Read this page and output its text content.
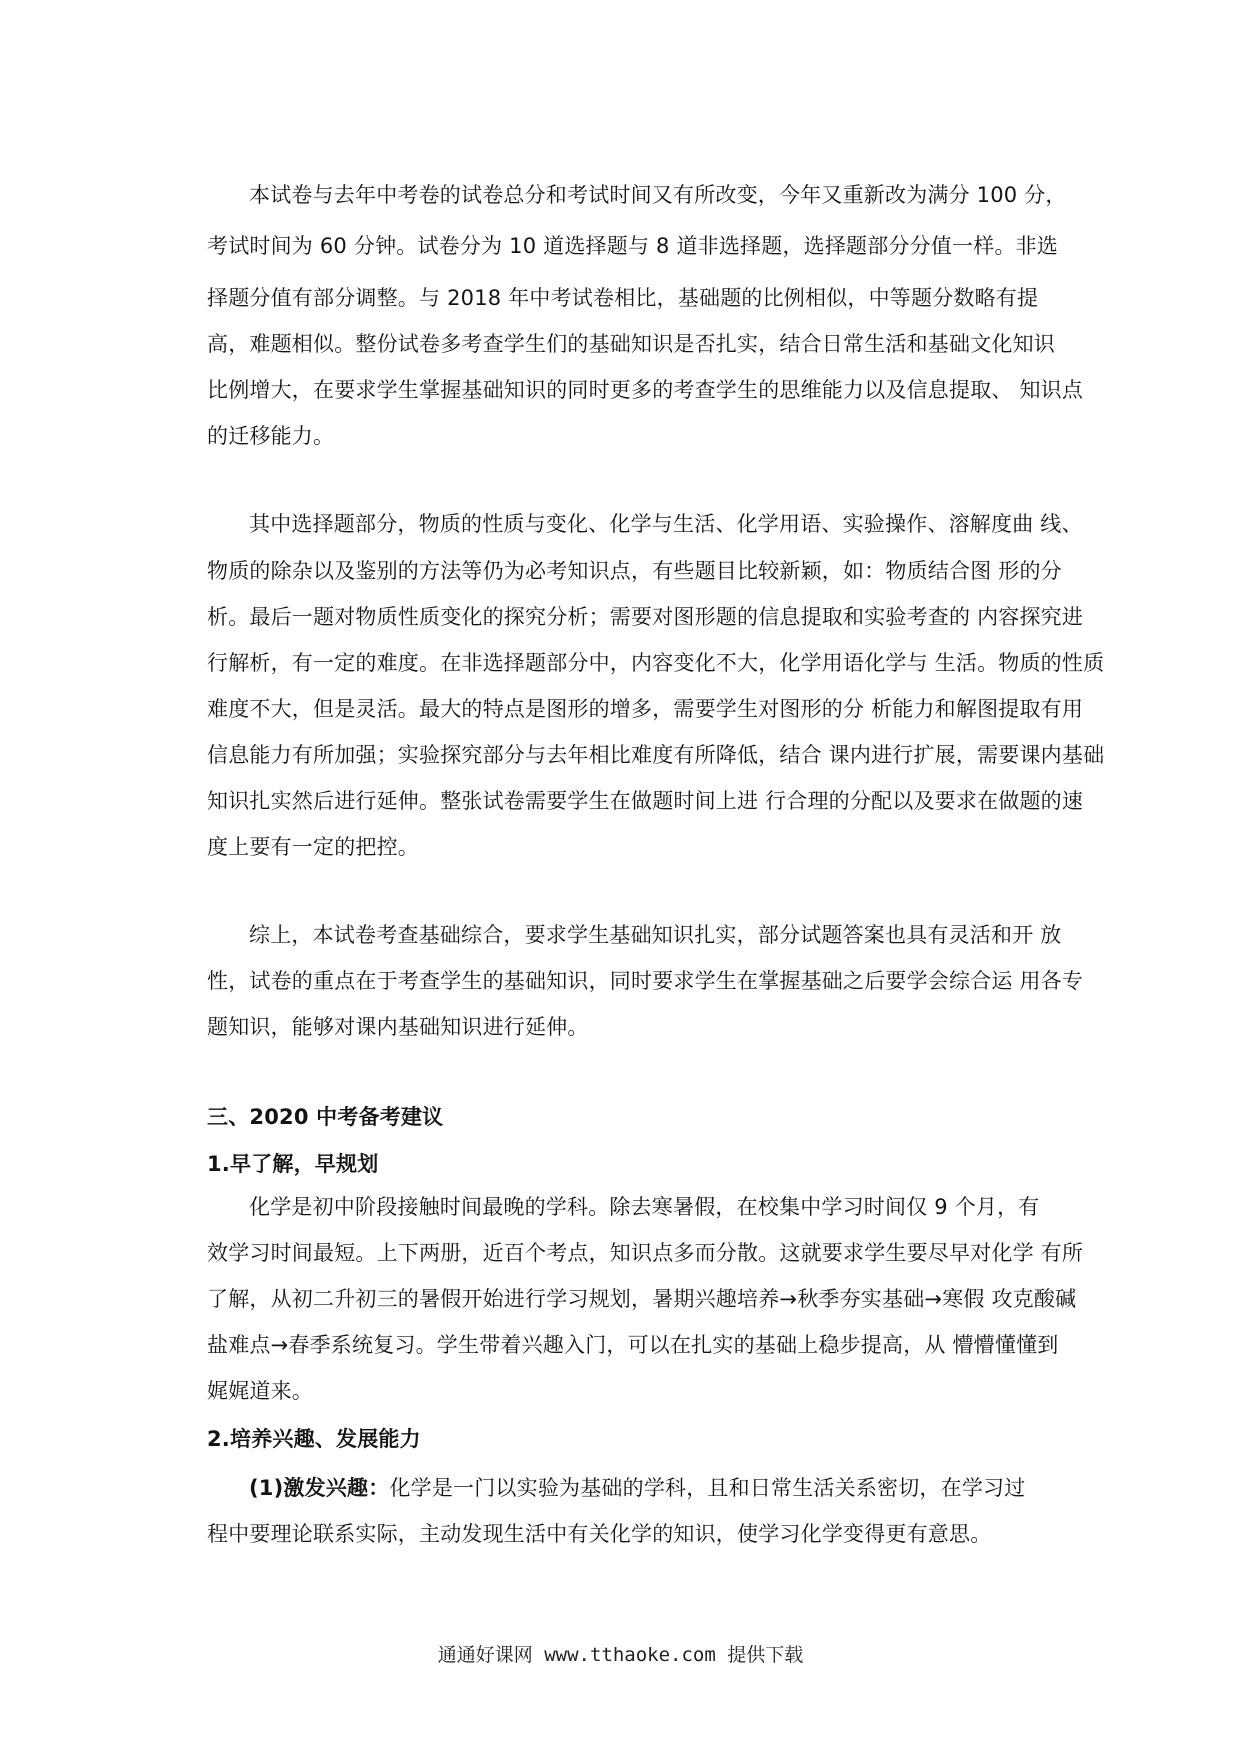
本试卷与去年中考卷的试卷总分和考试时间又有所改变，今年又重新改为满分 100 分，
考试时间为 60 分钟。试卷分为 10 道选择题与 8 道非选择题，选择题部分分值一样。非选
择题分值有部分调整。与 2018 年中考试卷相比，基础题的比例相似，中等题分数略有提
高，难题相似。整份试卷多考查学生们的基础知识是否扎实，结合日常生活和基础文化知识
比例增大，在要求学生掌握基础知识的同时更多的考查学生的思维能力以及信息提取、 知识点
的迁移能力。
其中选择题部分，物质的性质与变化、化学与生活、化学用语、实验操作、溶解度曲 线、
物质的除杂以及鉴别的方法等仍为必考知识点，有些题目比较新颖，如：物质结合图 形的分
析。最后一题对物质性质变化的探究分析；需要对图形题的信息提取和实验考查的 内容探究进
行解析，有一定的难度。在非选择题部分中，内容变化不大，化学用语化学与 生活。物质的性质
难度不大，但是灵活。最大的特点是图形的增多，需要学生对图形的分 析能力和解图提取有用
信息能力有所加强；实验探究部分与去年相比难度有所降低，结合 课内进行扩展，需要课内基础
知识扎实然后进行延伸。整张试卷需要学生在做题时间上进 行合理的分配以及要求在做题的速
度上要有一定的把控。
综上，本试卷考查基础综合，要求学生基础知识扎实，部分试题答案也具有灵活和开 放
性，试卷的重点在于考查学生的基础知识，同时要求学生在掌握基础之后要学会综合运 用各专
题知识，能够对课内基础知识进行延伸。
三、2020 中考备考建议
1.早了解，早规划
化学是初中阶段接触时间最晚的学科。除去寒暑假，在校集中学习时间仅 9 个月，有
效学习时间最短。上下两册，近百个考点，知识点多而分散。这就要求学生要尽早对化学 有所
了解，从初二升初三的暑假开始进行学习规划，暑期兴趣培养→秋季夯实基础→寒假 攻克酸碱
盐难点→春季系统复习。学生带着兴趣入门，可以在扎实的基础上稳步提高，从 懵懵懂懂到
娓娓道来。
2.培养兴趣、发展能力
(1)激发兴趣：化学是一门以实验为基础的学科，且和日常生活关系密切，在学习过
程中要理论联系实际，主动发现生活中有关化学的知识，使学习化学变得更有意思。
通通好课网 www.tthaoke.com 提供下载
